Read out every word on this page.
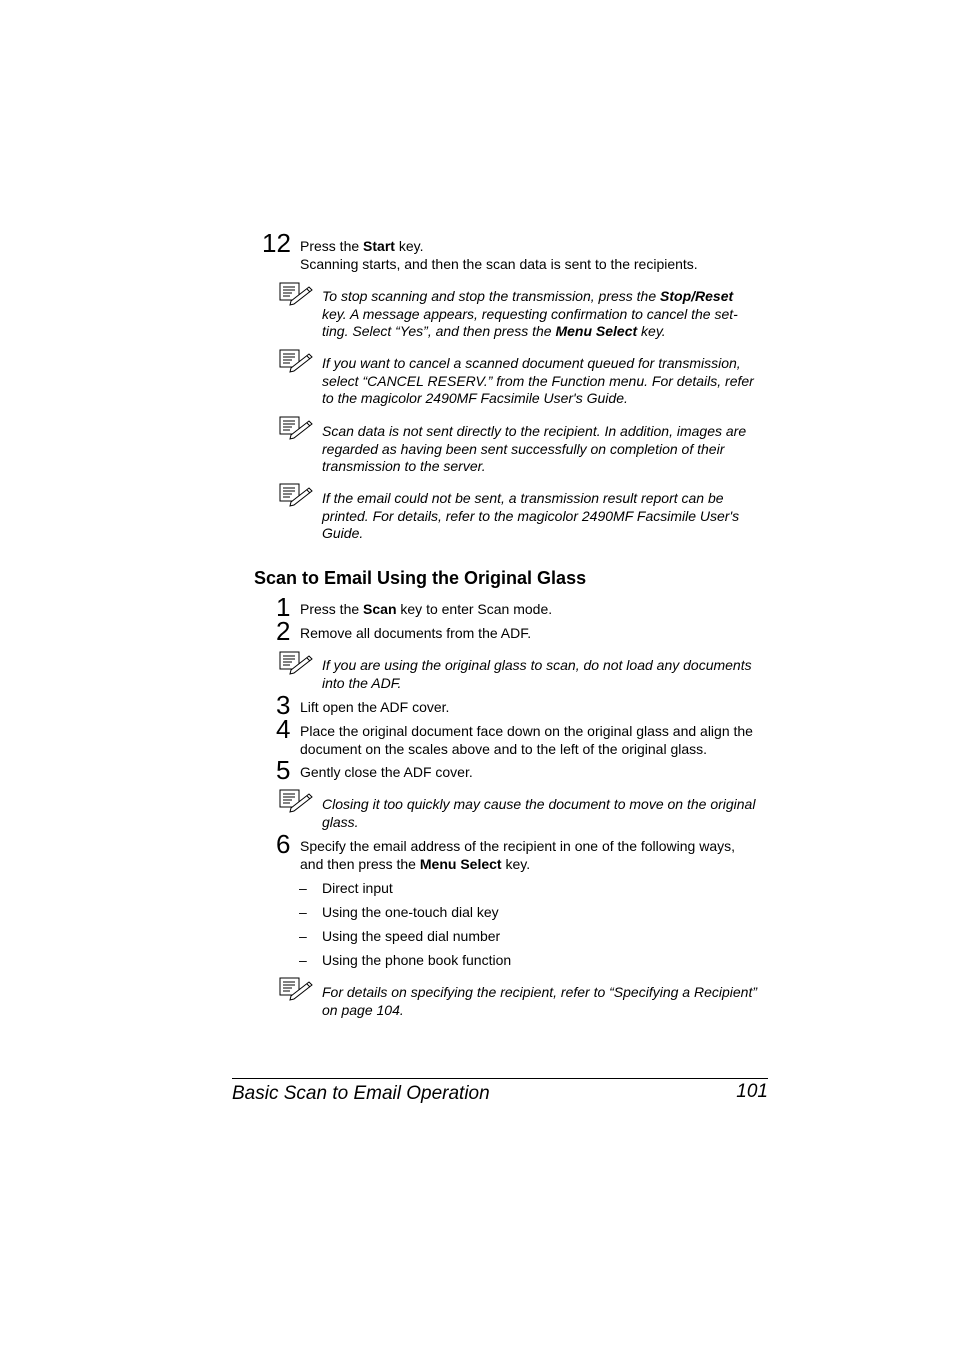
12 Press the Start key.
Scanning starts, and then the scan data is sent to the recipients.
To stop scanning and stop the transmission, press the Stop/Reset
key. A message appears, requesting confirmation to cancel the set-
ting. Select “Yes”, and then press the Menu Select key.
If you want to cancel a scanned document queued for transmission,
select “CANCEL RESERV.” from the Function menu. For details, refer
to the magicolor 2490MF Facsimile User's Guide.
Scan data is not sent directly to the recipient. In addition, images are
regarded as having been sent successfully on completion of their
transmission to the server.
If the email could not be sent, a transmission result report can be
printed. For details, refer to the magicolor 2490MF Facsimile User's
Guide.
Scan to Email Using the Original Glass
1 Press the Scan key to enter Scan mode.
2 Remove all documents from the ADF.
If you are using the original glass to scan, do not load any documents
into the ADF.
3 Lift open the ADF cover.
4 Place the original document face down on the original glass and align the
document on the scales above and to the left of the original glass.
5 Gently close the ADF cover.
Closing it too quickly may cause the document to move on the original
glass.
6 Specify the email address of the recipient in one of the following ways,
and then press the Menu Select key.
– Direct input
– Using the one-touch dial key
– Using the speed dial number
– Using the phone book function
For details on specifying the recipient, refer to “Specifying a Recipient”
on page 104.
Basic Scan to Email Operation	101
